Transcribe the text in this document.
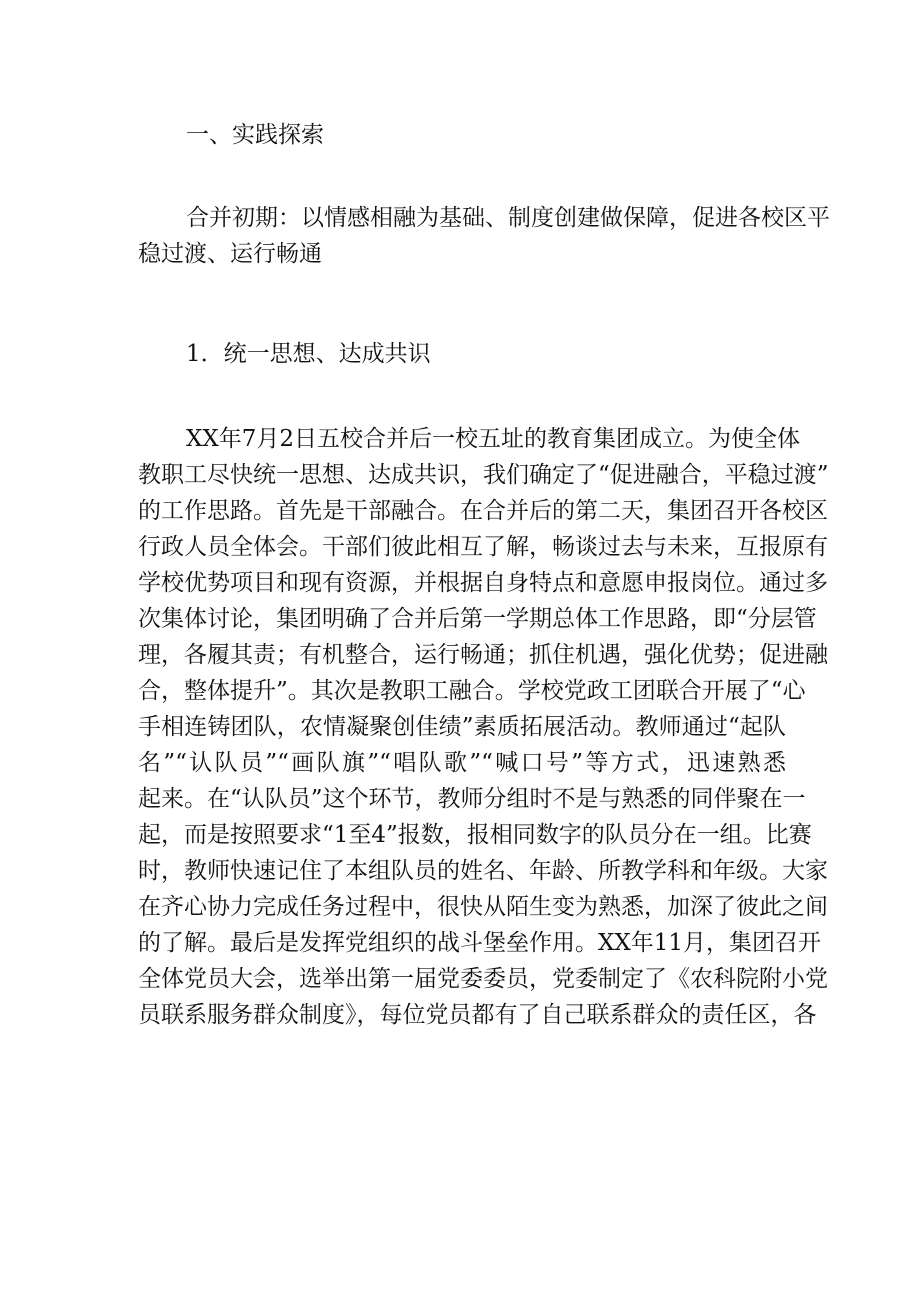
一、实践探索
合并初期：以情感相融为基础、制度创建做保障，促进各校区平
稳过渡、运行畅通
1．统一思想、达成共识
XX年7月2日五校合并后一校五址的教育集团成立。为使全体
教职工尽快统一思想、达成共识，我们确定了“促进融合，平稳过渡”
的工作思路。首先是干部融合。在合并后的第二天，集团召开各校区
行政人员全体会。干部们彼此相互了解，畅谈过去与未来，互报原有
学校优势项目和现有资源，并根据自身特点和意愿申报岗位。通过多
次集体讨论，集团明确了合并后第一学期总体工作思路，即“分层管
理，各履其责；有机整合，运行畅通；抓住机遇，强化优势；促进融
合，整体提升”。其次是教职工融合。学校党政工团联合开展了“心
手相连铸团队，农情凝聚创佳绩”素质拓展活动。教师通过“起队
名”“认队员”“画队旗”“唱队歌”“喊口号”等方式，迅速熟悉
起来。在“认队员”这个环节，教师分组时不是与熟悉的同伴聚在一
起，而是按照要求“1至4”报数，报相同数字的队员分在一组。比赛
时，教师快速记住了本组队员的姓名、年龄、所教学科和年级。大家
在齐心协力完成任务过程中，很快从陌生变为熟悉，加深了彼此之间
的了解。最后是发挥党组织的战斗堡垒作用。XX年11月，集团召开
全体党员大会，选举出第一届党委委员，党委制定了《农科院附小党
员联系服务群众制度》，每位党员都有了自己联系群众的责任区，各
